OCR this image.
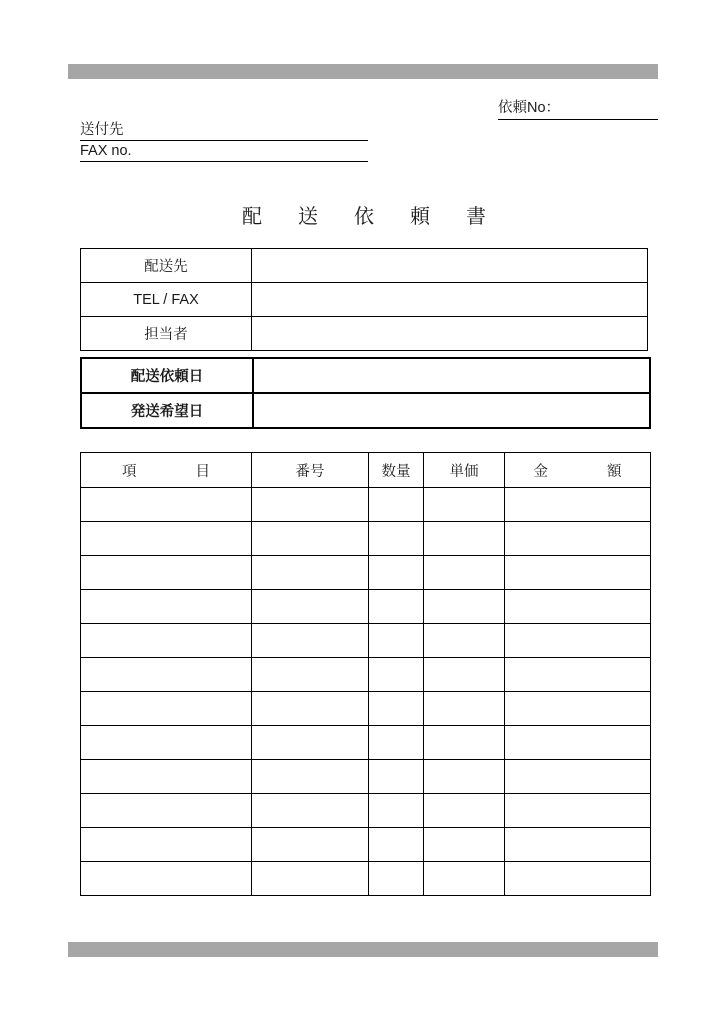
依頼No：
送付先
FAX no.
配　送　依　頼　書
配送先	
TEL / FAX	
担当者	
配送依頼日	
発送希望日	
項　　目	番号	数量	単価	金　　額
